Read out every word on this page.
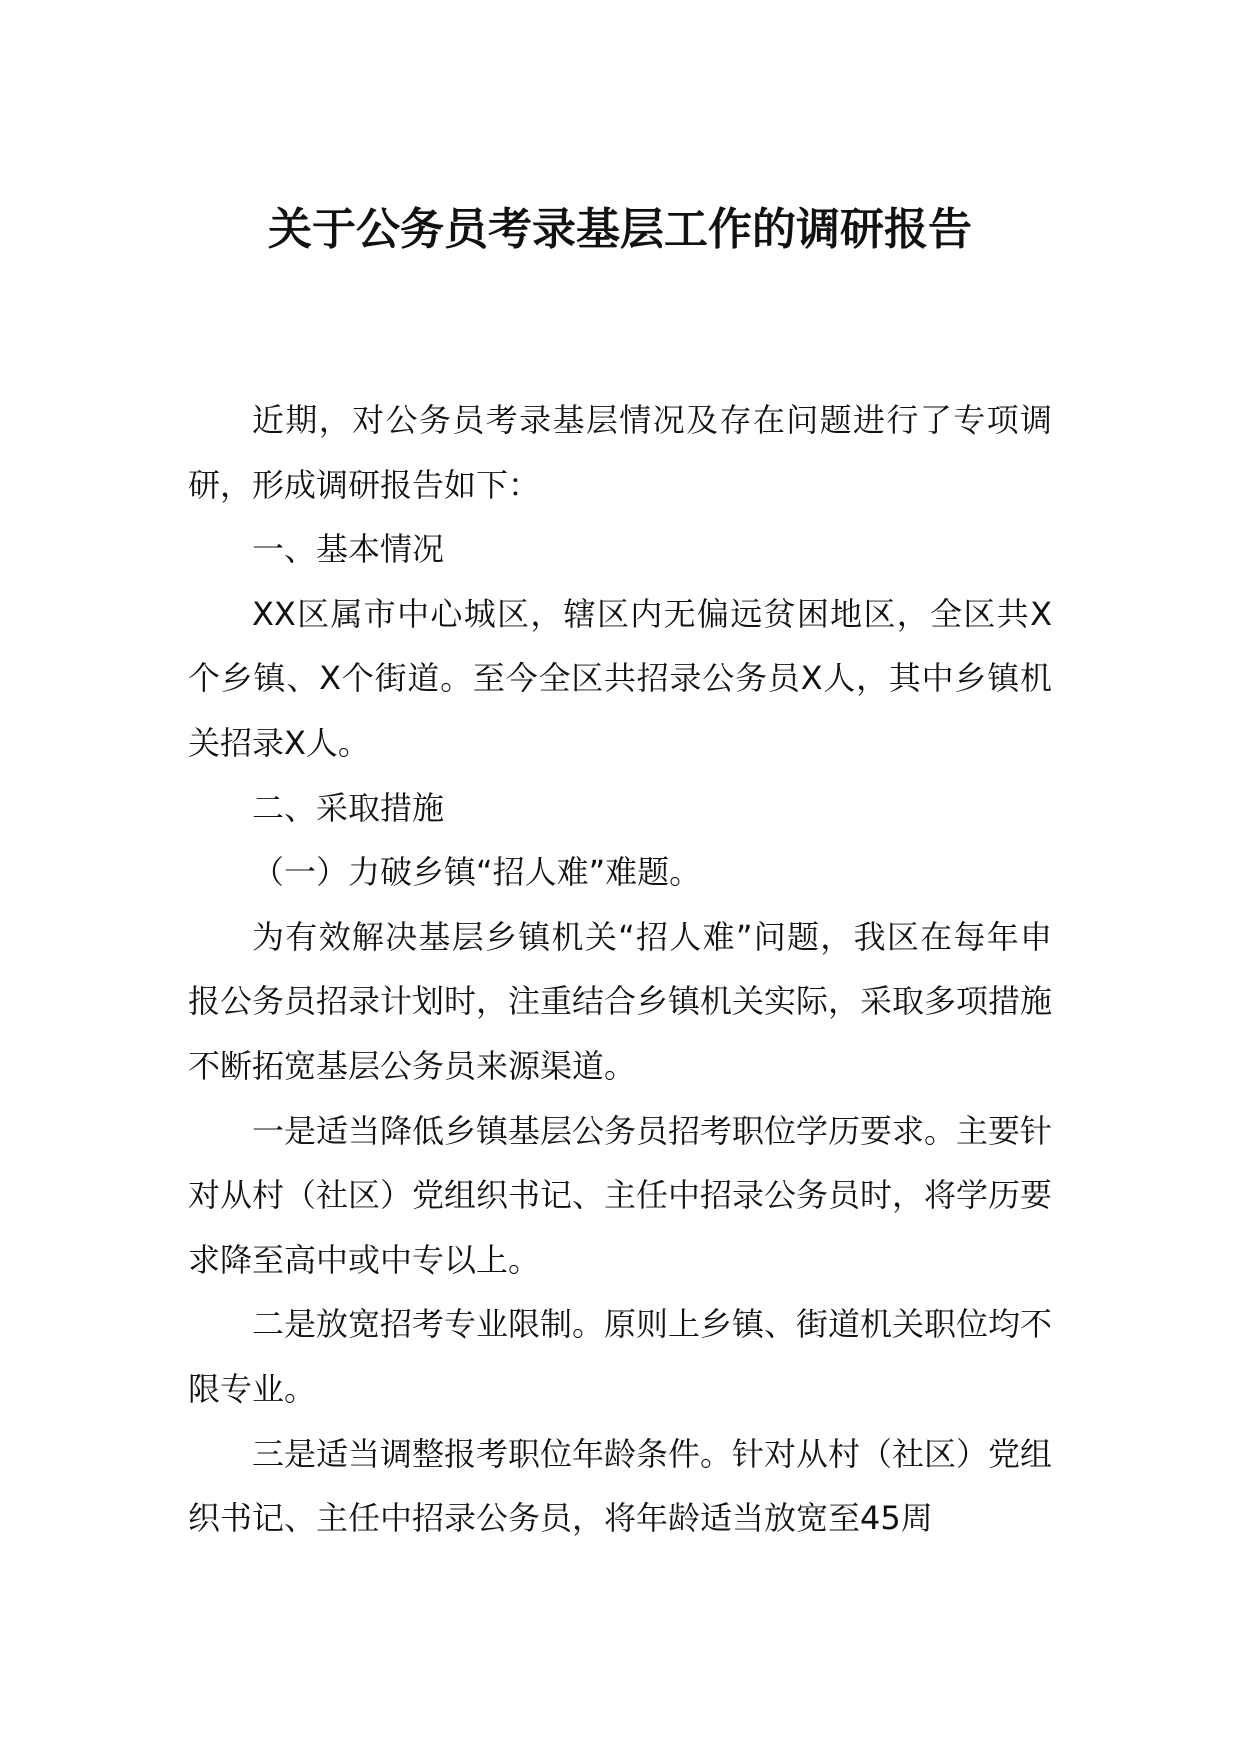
关于公务员考录基层工作的调研报告

近期，对公务员考录基层情况及存在问题进行了专项调研，形成调研报告如下：

一、基本情况

XX区属市中心城区，辖区内无偏远贫困地区，全区共X个乡镇、X个街道。至今全区共招录公务员X人，其中乡镇机关招录X人。

二、采取措施

（一）力破乡镇“招人难”难题。

为有效解决基层乡镇机关“招人难”问题，我区在每年申报公务员招录计划时，注重结合乡镇机关实际，采取多项措施不断拓宽基层公务员来源渠道。

一是适当降低乡镇基层公务员招考职位学历要求。主要针对从村（社区）党组织书记、主任中招录公务员时，将学历要求降至高中或中专以上。

二是放宽招考专业限制。原则上乡镇、街道机关职位均不限专业。

三是适当调整报考职位年龄条件。针对从村（社区）党组织书记、主任中招录公务员，将年龄适当放宽至45周
